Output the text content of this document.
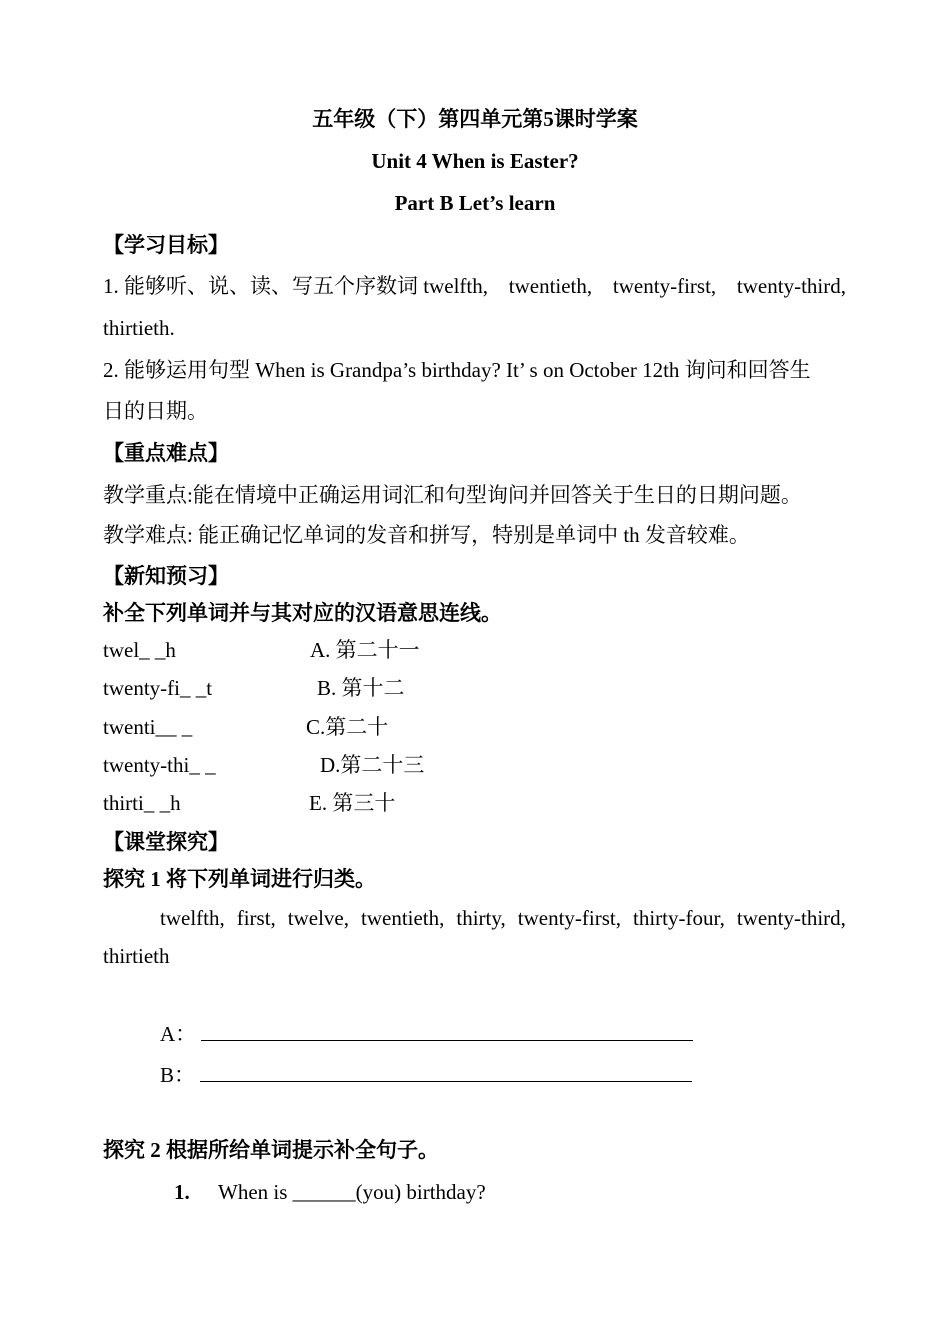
五年级（下）第四单元第5课时学案
Unit 4 When is Easter?
Part B Let’s learn
【学习目标】
1. 能够听、说、读、写五个序数词 twelfth, twentieth, twenty-first, twenty-third,
thirtieth.
2. 能够运用句型 When is Grandpa’s birthday? It’ s on October 12th 询问和回答生
日的日期。
【重点难点】
教学重点:能在情境中正确运用词汇和句型询问并回答关于生日的日期问题。
教学难点: 能正确记忆单词的发音和拼写，特别是单词中 th 发音较难。
【新知预习】
补全下列单词并与其对应的汉语意思连线。
twel_ _h	A. 第二十一
twenty-fi_ _t	B. 第十二
twenti__ _	C.第二十
twenty-thi_ _	D.第二十三
thirti_ _h	E. 第三十
【课堂探究】
探究 1 将下列单词进行归类。
twelfth, first, twelve, twentieth, thirty, twenty-first, thirty-four, twenty-third,
thirtieth
A：
B：
探究 2 根据所给单词提示补全句子。
1. When is ______(you) birthday?
